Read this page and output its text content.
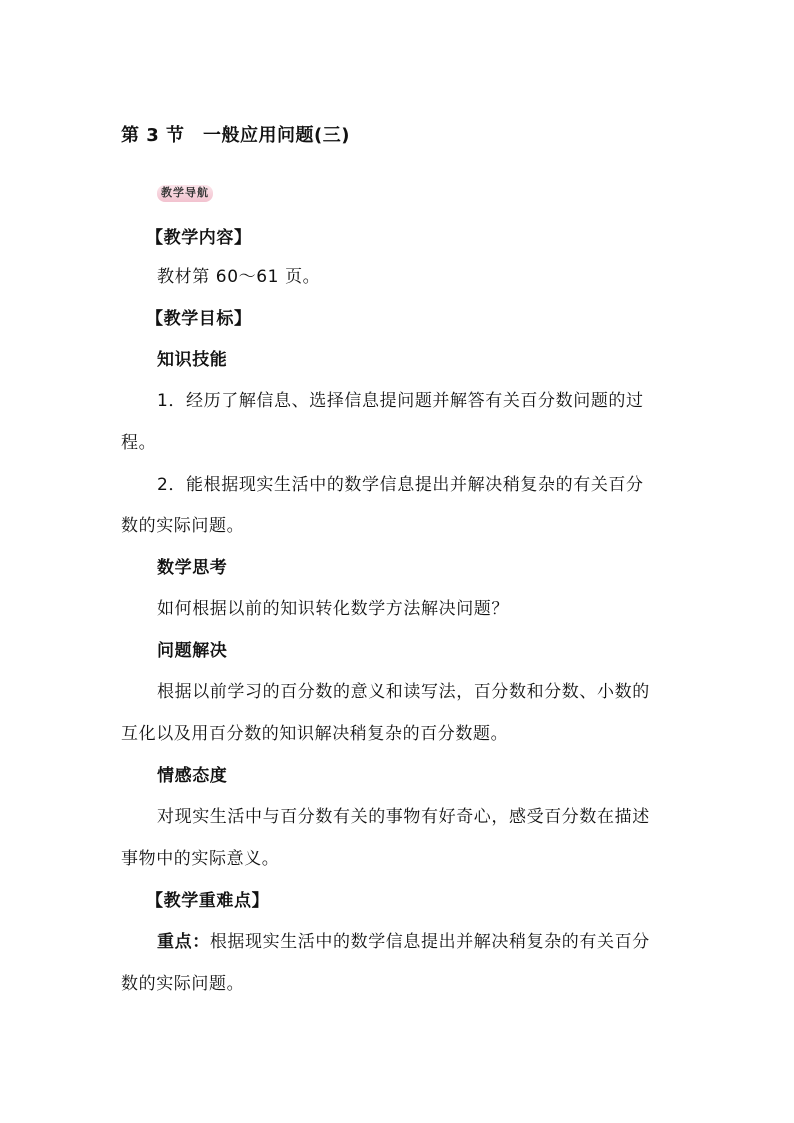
第 3 节　一般应用问题(三)
教学导航
【教学内容】
教材第 60～61 页。
【教学目标】
知识技能
1．经历了解信息、选择信息提问题并解答有关百分数问题的过
程。
2．能根据现实生活中的数学信息提出并解决稍复杂的有关百分
数的实际问题。
数学思考
如何根据以前的知识转化数学方法解决问题？
问题解决
根据以前学习的百分数的意义和读写法，百分数和分数、小数的
互化以及用百分数的知识解决稍复杂的百分数题。
情感态度
对现实生活中与百分数有关的事物有好奇心，感受百分数在描述
事物中的实际意义。
【教学重难点】
重点：根据现实生活中的数学信息提出并解决稍复杂的有关百分
数的实际问题。
